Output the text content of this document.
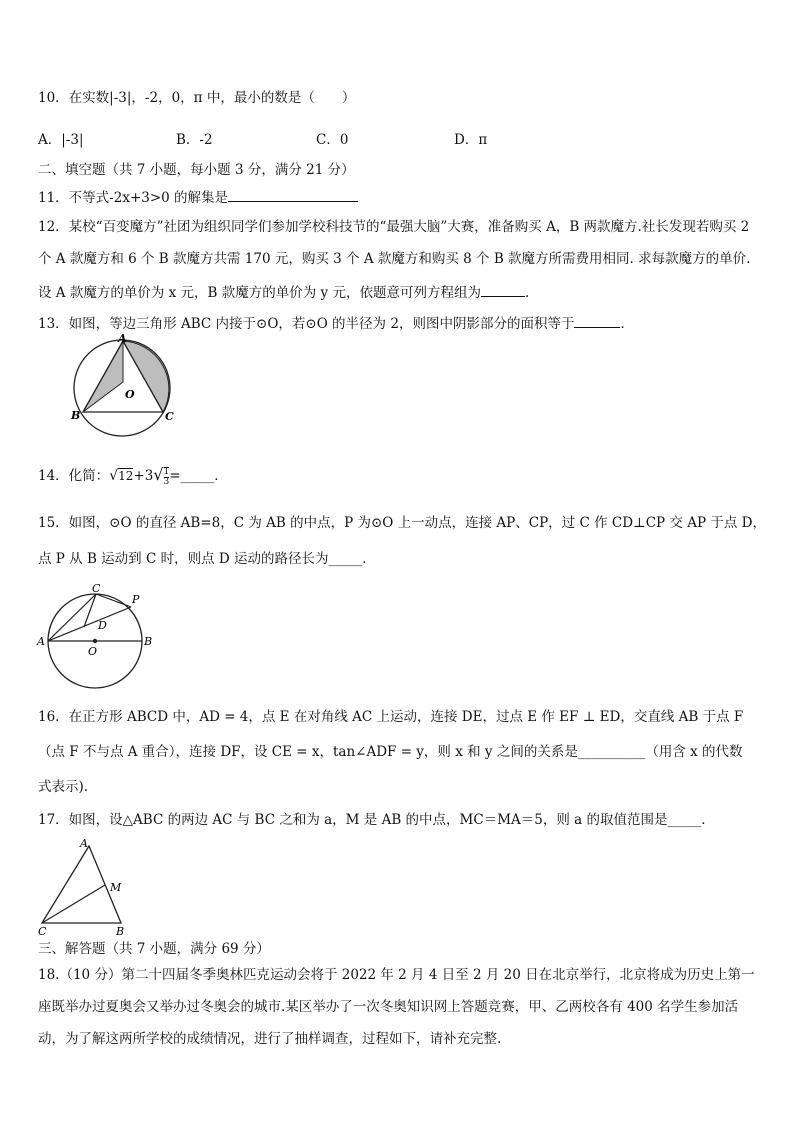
10．在实数|-3|，-2，0，π 中，最小的数是（　　）
A．|-3|	B．-2	C．0	D．π
二、填空题（共 7 小题，每小题 3 分，满分 21 分）
11．不等式-2x+3>0 的解集是
12．某校“百变魔方”社团为组织同学们参加学校科技节的“最强大脑”大赛，准备购买 A，B 两款魔方.社长发现若购买 2
个 A 款魔方和 6 个 B 款魔方共需 170 元，购买 3 个 A 款魔方和购买 8 个 B 款魔方所需费用相同. 求每款魔方的单价.
设 A 款魔方的单价为 x 元，B 款魔方的单价为 y 元，依题意可列方程组为	.
13．如图，等边三角形 ABC 内接于⊙O，若⊙O 的半径为 2，则图中阴影部分的面积等于	．
A
B	C
O
14．化简：$√12+3√ \frac{1}{3}$ =_____．
15．如图，⊙O 的直径 AB=8，C 为 AB 的中点，P 为⊙O 上一动点，连接 AP、CP，过 C 作 CD⊥CP 交 AP 于点 D，
点 P 从 B 运动到 C 时，则点 D 运动的路径长为_____．
C
P
D
A	B
O
16．在正方形 ABCD 中，AD = 4，点 E 在对角线 AC 上运动，连接 DE，过点 E 作 EF ⊥ ED，交直线 AB 于点 F
（点 F 不与点 A 重合），连接 DF，设 CE = x，tan∠ADF = y，则 x 和 y 之间的关系是__________（用含 x 的代数
式表示).
17．如图，设△ABC 的两边 AC 与 BC 之和为 a，M 是 AB 的中点，MC＝MA＝5，则 a 的取值范围是_____．
A
M
C	B
三、解答题（共 7 小题，满分 69 分）
18.（10 分）第二十四届冬季奥林匹克运动会将于 2022 年 2 月 4 日至 2 月 20 日在北京举行，北京将成为历史上第一
座既举办过夏奥会又举办过冬奥会的城市.某区举办了一次冬奥知识网上答题竞赛，甲、乙两校各有 400 名学生参加活
动，为了解这两所学校的成绩情况，进行了抽样调查，过程如下，请补充完整.
